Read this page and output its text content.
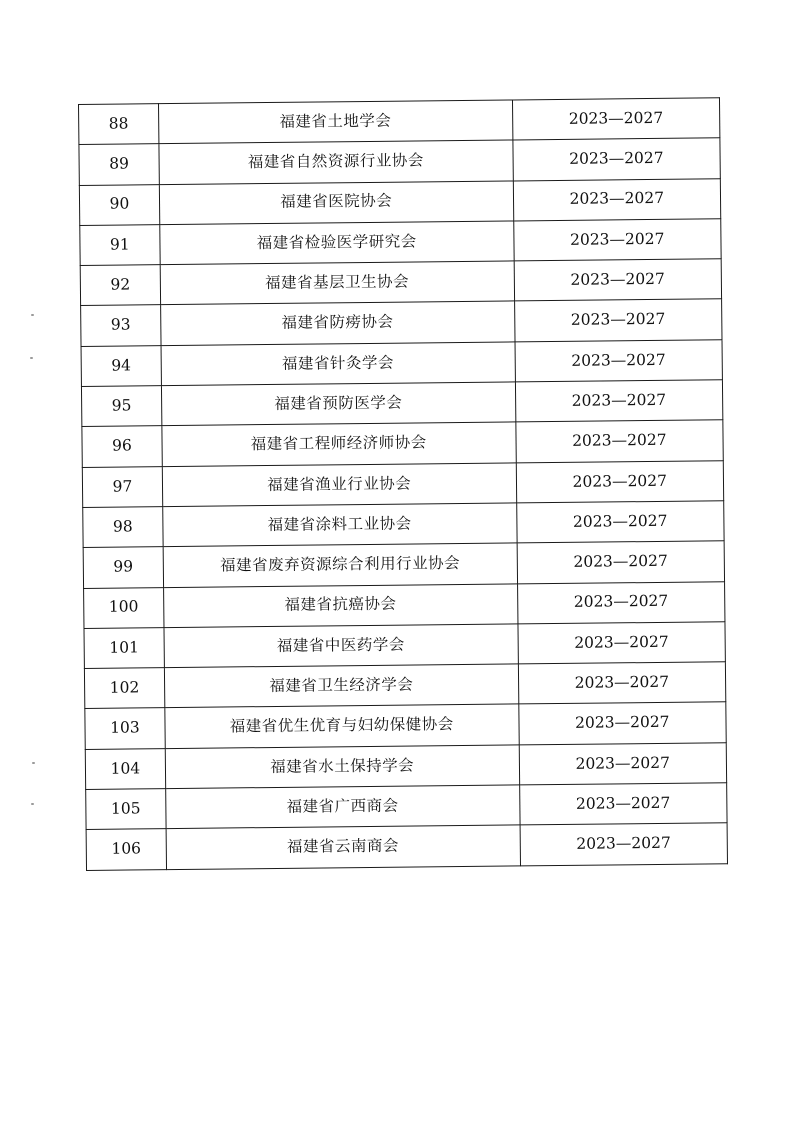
88	福建省土地学会	2023—2027
89	福建省自然资源行业协会	2023—2027
90	福建省医院协会	2023—2027
91	福建省检验医学研究会	2023—2027
92	福建省基层卫生协会	2023—2027
93	福建省防痨协会	2023—2027
94	福建省针灸学会	2023—2027
95	福建省预防医学会	2023—2027
96	福建省工程师经济师协会	2023—2027
97	福建省渔业行业协会	2023—2027
98	福建省涂料工业协会	2023—2027
99	福建省废弃资源综合利用行业协会	2023—2027
100	福建省抗癌协会	2023—2027
101	福建省中医药学会	2023—2027
102	福建省卫生经济学会	2023—2027
103	福建省优生优育与妇幼保健协会	2023—2027
104	福建省水土保持学会	2023—2027
105	福建省广西商会	2023—2027
106	福建省云南商会	2023—2027
